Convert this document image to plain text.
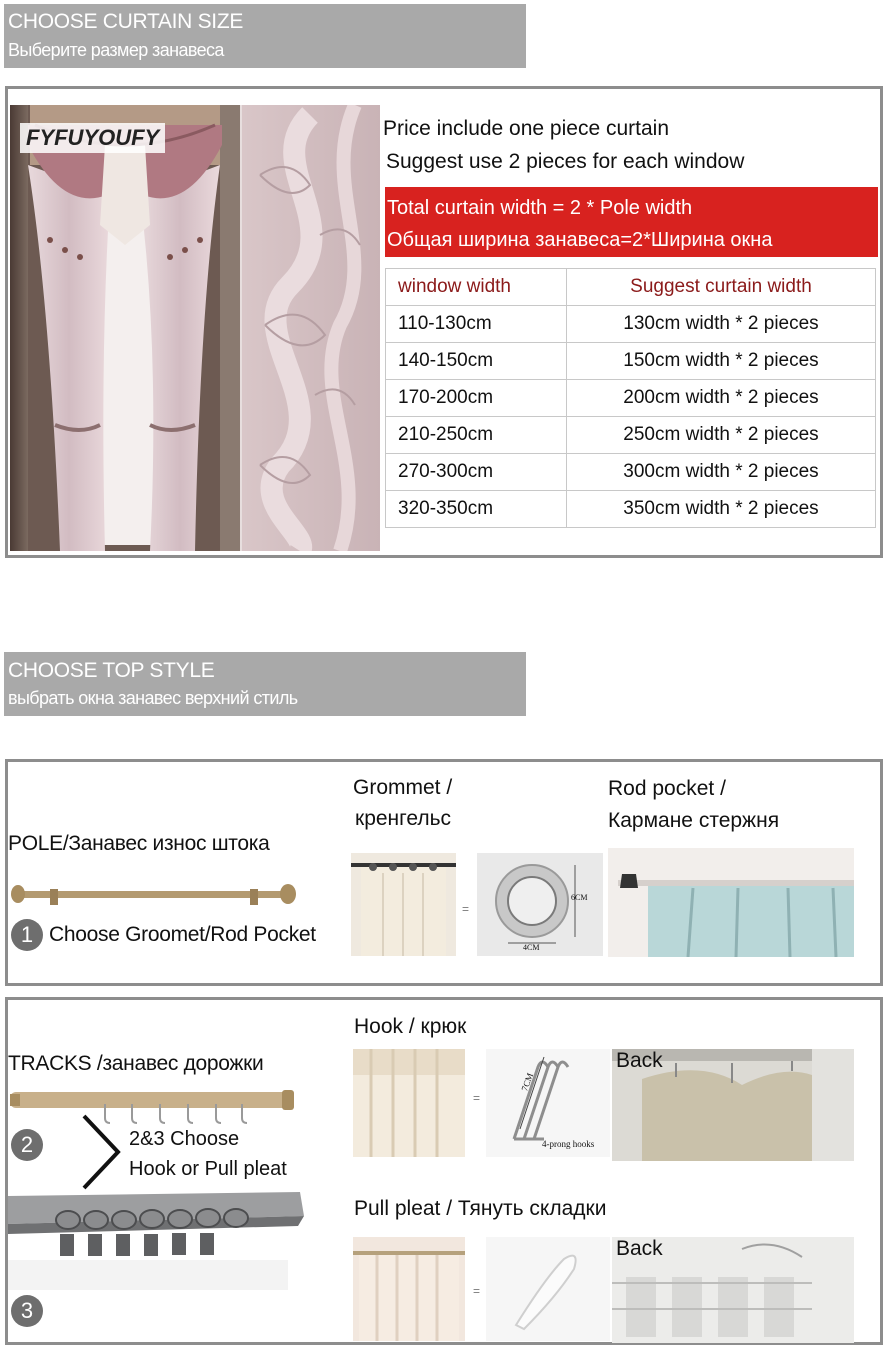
CHOOSE CURTAIN SIZE
Выберите размер занавеса
FYFUYOUFY	Price include one piece curtain
Suggest use 2 pieces for each window
Total curtain width = 2 * Pole width
Общая ширина занавеса=2*Ширина окна
window width	Suggest curtain width
110-130cm	130cm width * 2 pieces
140-150cm	150cm width * 2 pieces
170-200cm	200cm width * 2 pieces
210-250cm	250cm width * 2 pieces
270-300cm	300cm width * 2 pieces
320-350cm	350cm width * 2 pieces
CHOOSE TOP STYLE
выбрать окна занавес верхний стиль
POLE/Занавес износ штока
1 Choose Groomet/Rod Pocket
Grommet /
кренгельс
Rod pocket /
Кармане стержня
=
6CM
4CM
TRACKS /занавес дорожки
2	2&3 Choose
Hook or Pull pleat
3
Hook / крюк
=
7CM
4-prong hooks
Back
Pull pleat / Тянуть складки
=
Back
